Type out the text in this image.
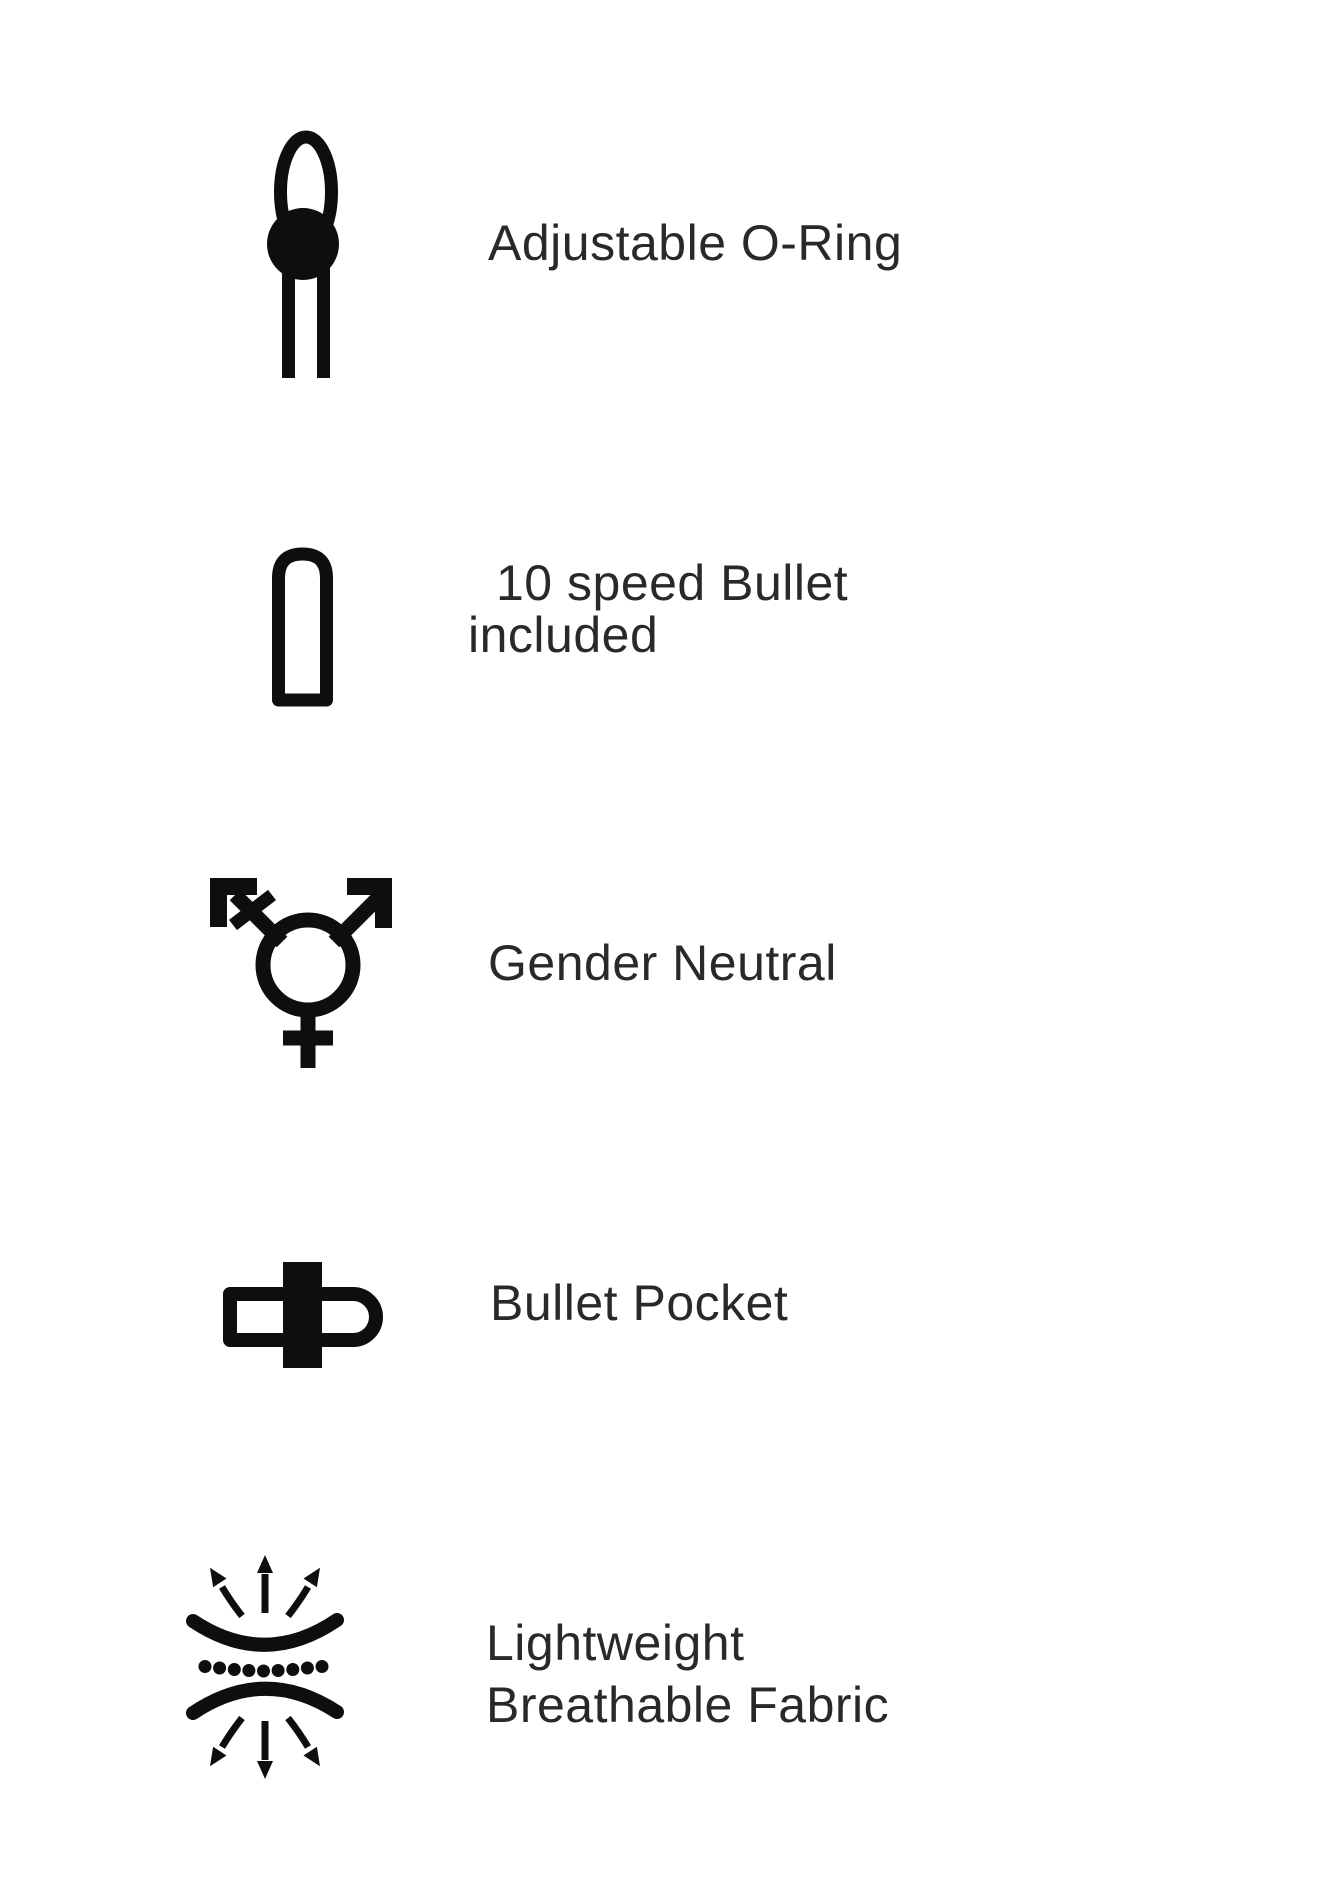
Adjustable O-Ring
10 speed Bullet
included
Gender Neutral
Bullet Pocket
Lightweight
Breathable Fabric
